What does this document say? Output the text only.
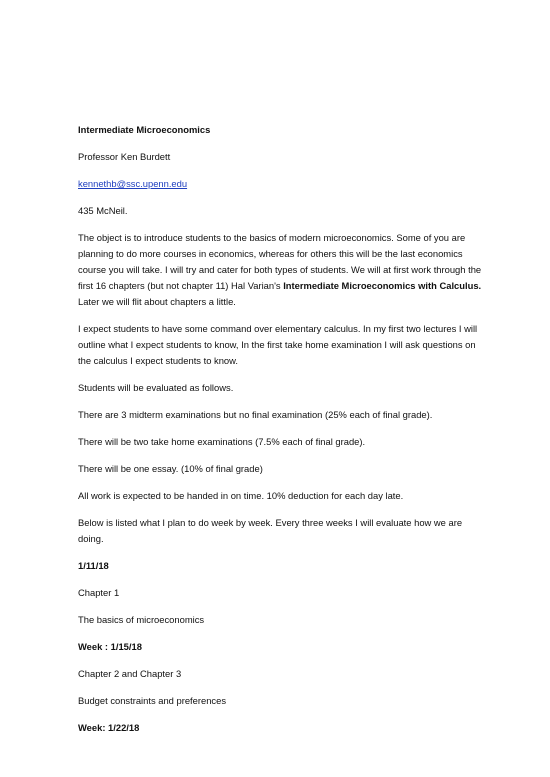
Intermediate Microeconomics

Professor Ken Burdett

kennethb@ssc.upenn.edu

435 McNeil.

The object is to introduce students to the basics of modern microeconomics. Some of you are planning to do more courses in economics, whereas for others this will be the last economics course you will take. I will try and cater for both types of students. We will at first work through the first 16 chapters (but not chapter 11) Hal Varian's Intermediate Microeconomics with Calculus. Later we will flit about chapters a little.

I expect students to have some command over elementary calculus. In my first two lectures I will outline what I expect students to know, In the first take home examination I will ask questions on the calculus I expect students to know.

Students will be evaluated as follows.

There are 3 midterm examinations but no final examination (25% each of final grade).

There will be two take home examinations (7.5% each of final grade).

There will be one essay. (10% of final grade)

All work is expected to be handed in on time. 10% deduction for each day late.

Below is listed what I plan to do week by week. Every three weeks I will evaluate how we are doing.

1/11/18

Chapter 1

The basics of microeconomics

Week : 1/15/18

Chapter 2 and Chapter 3

Budget constraints and preferences

Week: 1/22/18
